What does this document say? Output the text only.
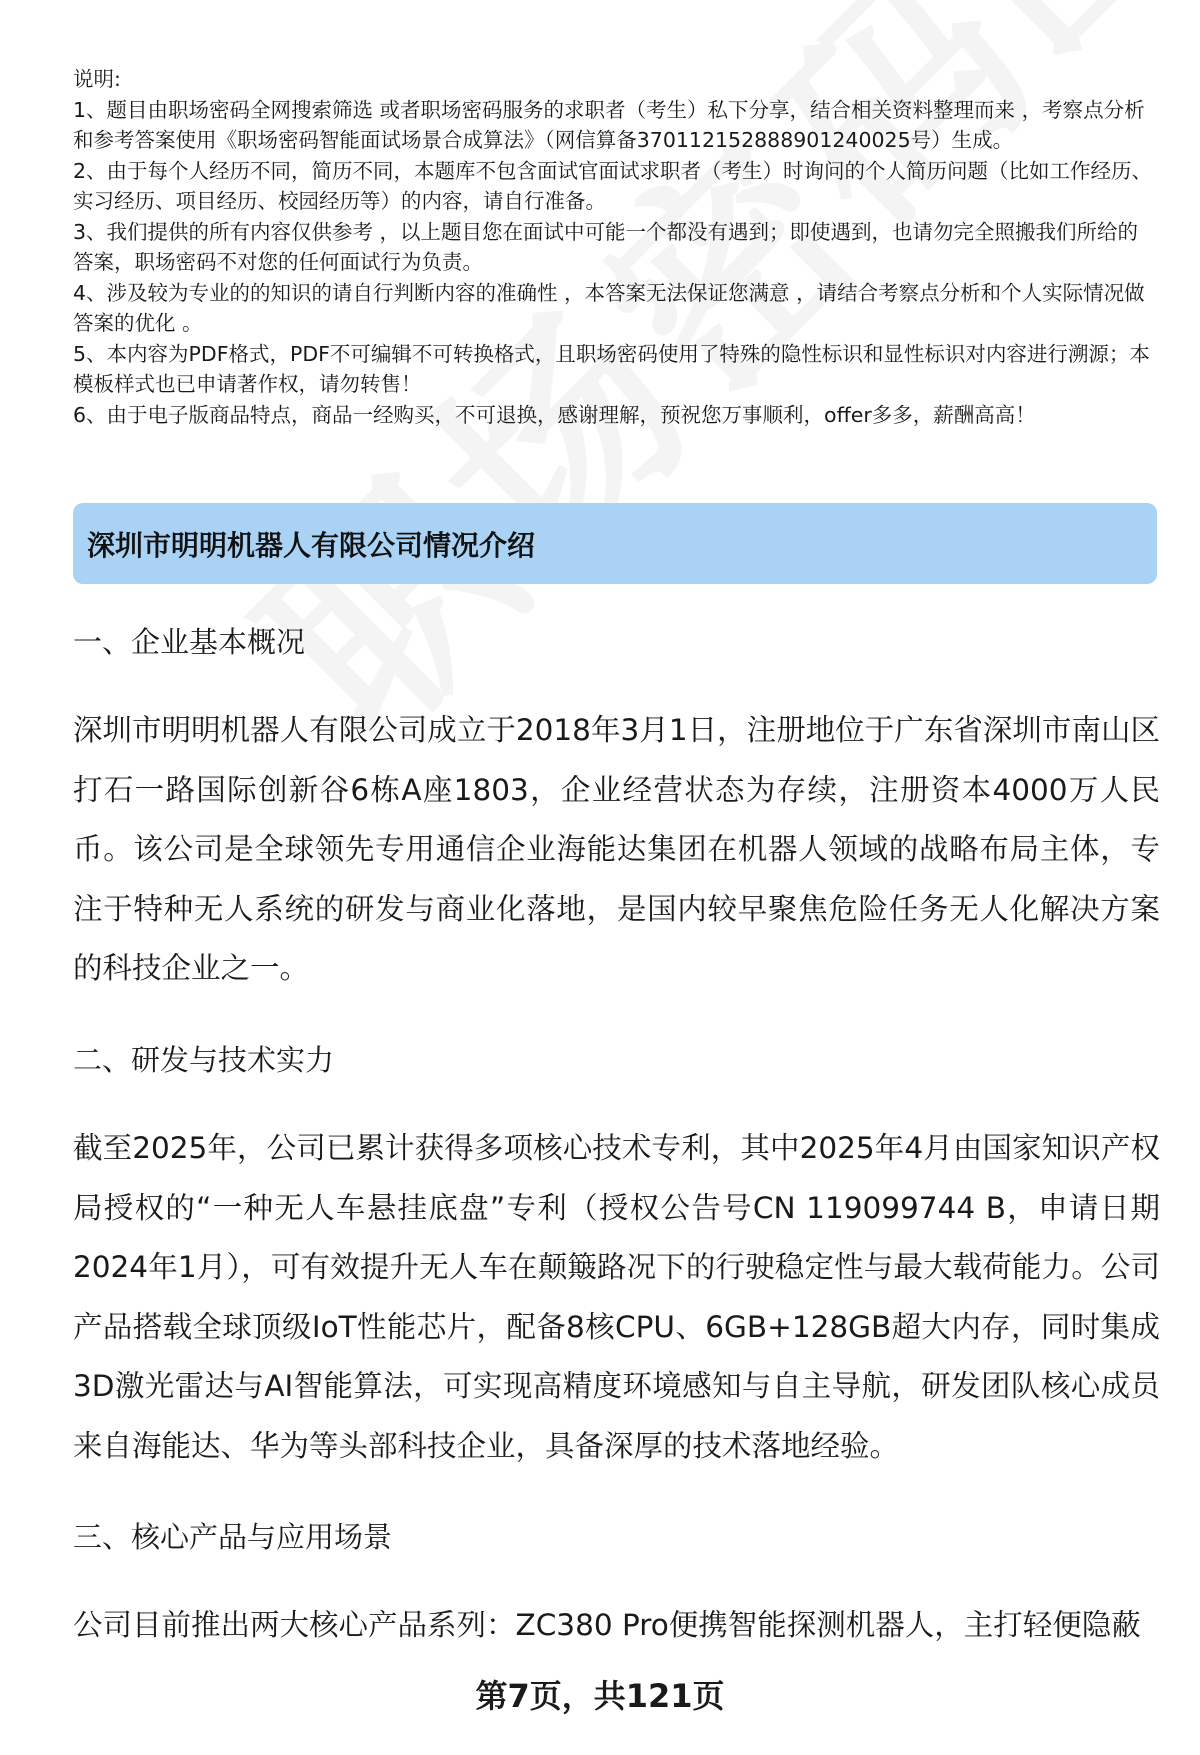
说明:

1、题目由职场密码全网搜索筛选 或者职场密码服务的求职者（考生）私下分享，结合相关资料整理而来 ，考察点分析和参考答案使用《职场密码智能面试场景合成算法》（网信算备370112152888901240025号）生成。

2、由于每个人经历不同，简历不同，本题库不包含面试官面试求职者（考生）时询问的个人简历问题（比如工作经历、实习经历、项目经历、校园经历等）的内容，请自行准备。

3、我们提供的所有内容仅供参考 ，以上题目您在面试中可能一个都没有遇到；即使遇到，也请勿完全照搬我们所给的答案，职场密码不对您的任何面试行为负责。

4、涉及较为专业的的知识的请自行判断内容的准确性 ，本答案无法保证您满意 ，请结合考察点分析和个人实际情况做答案的优化 。

5、本内容为PDF格式，PDF不可编辑不可转换格式，且职场密码使用了特殊的隐性标识和显性标识对内容进行溯源；本模板样式也已申请著作权，请勿转售！

6、由于电子版商品特点，商品一经购买，不可退换，感谢理解，预祝您万事顺利，offer多多，薪酬高高！

深圳市明明机器人有限公司情况介绍
一、企业基本概况

深圳市明明机器人有限公司成立于2018年3月1日，注册地位于广东省深圳市南山区打石一路国际创新谷6栋A座1803，企业经营状态为存续，注册资本4000万人民币。该公司是全球领先专用通信企业海能达集团在机器人领域的战略布局主体，专注于特种无人系统的研发与商业化落地，是国内较早聚焦危险任务无人化解决方案的科技企业之一。

二、研发与技术实力

截至2025年，公司已累计获得多项核心技术专利，其中2025年4月由国家知识产权局授权的“一种无人车悬挂底盘”专利（授权公告号CN 119099744 B，申请日期2024年1月），可有效提升无人车在颠簸路况下的行驶稳定性与最大载荷能力。公司产品搭载全球顶级IoT性能芯片，配备8核CPU、6GB+128GB超大内存，同时集成3D激光雷达与AI智能算法，可实现高精度环境感知与自主导航，研发团队核心成员来自海能达、华为等头部科技企业，具备深厚的技术落地经验。

三、核心产品与应用场景

公司目前推出两大核心产品系列：ZC380 Pro便携智能探测机器人，主打轻便隐蔽

第7页，共121页
